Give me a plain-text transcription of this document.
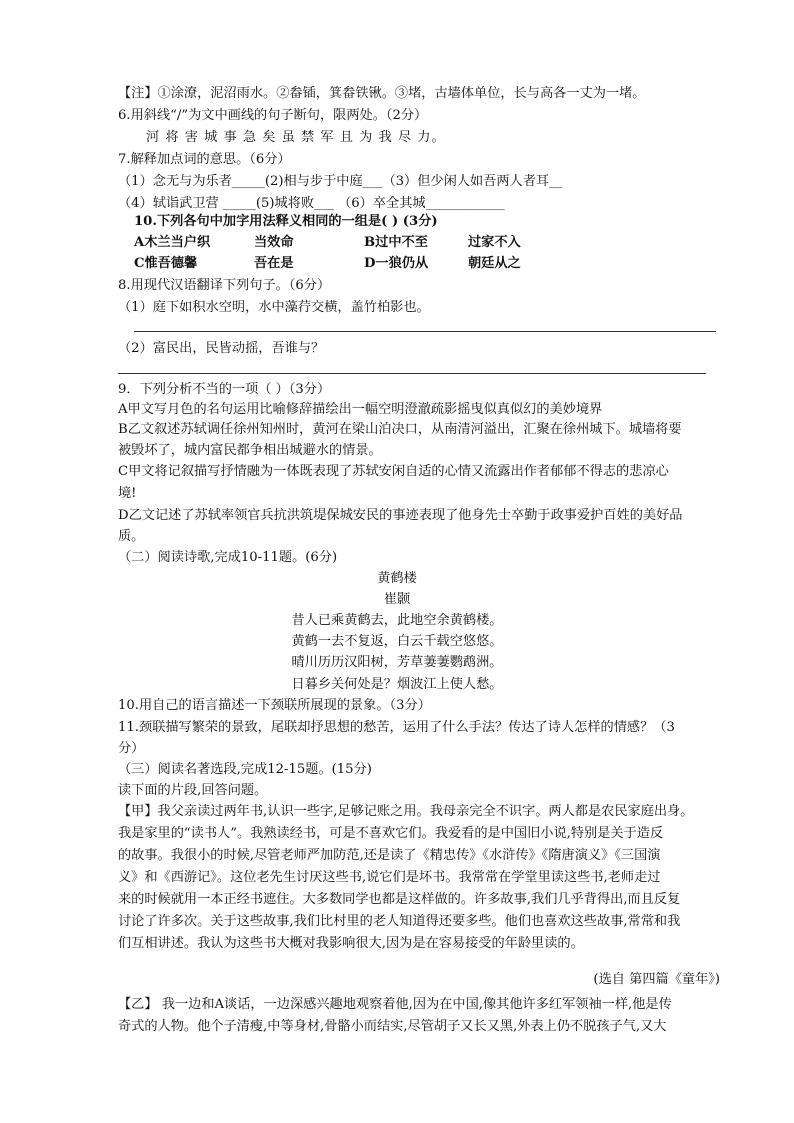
【注】①涂潦，泥沼雨水。②畚锸，箕畚铁锹。③堵，古墙体单位，长与高各一丈为一堵。
6.用斜线“/”为文中画线的句子断句，限两处。（2分）
河 将 害 城 事 急 矣 虽 禁 军 且 为 我 尽 力。
7.解释加点词的意思。（6分）
（1）念无与为乐者_____(2)相与步于中庭___（3）但少闲人如吾两人者耳__
（4）轼诣武卫营 _____(5)城将败___ （6）卒全其城____________
10.下列各句中加字用法释义相同的一组是( ) (3分)
A木兰当户织	当效命	B过中不至	过家不入
C惟吾德馨	吾在是	D一狼仍从	朝廷从之
8.用现代汉语翻译下列句子。（6分）
（1）庭下如积水空明，水中藻荇交横，盖竹柏影也。
（2）富民出，民皆动摇，吾谁与？
9．下列分析不当的一项（ ）（3分）
A甲文写月色的名句运用比喻修辞描绘出一幅空明澄澈疏影摇曳似真似幻的美妙境界
B乙文叙述苏轼调任徐州知州时，黄河在梁山泊决口，从南清河溢出，汇聚在徐州城下。城墙将要
被毁坏了，城内富民都争相出城避水的情景。
C甲文将记叙描写抒情融为一体既表现了苏轼安闲自适的心情又流露出作者郁郁不得志的悲凉心
境!
D乙文记述了苏轼率领官兵抗洪筑堤保城安民的事迹表现了他身先士卒勤于政事爱护百姓的美好品
质。
（二）阅读诗歌,完成10-11题。(6分)
黄鹤楼
崔颢
昔人已乘黄鹤去，此地空余黄鹤楼。
黄鹤一去不复返，白云千载空悠悠。
晴川历历汉阳树，芳草萋萋鹦鹉洲。
日暮乡关何处是？烟波江上使人愁。
10.用自己的语言描述一下颈联所展现的景象。（3分）
11.颈联描写繁荣的景致，尾联却抒思想的愁苦，运用了什么手法？传达了诗人怎样的情感？（3
分）
（三）阅读名著选段,完成12-15题。(15分)
读下面的片段,回答问题。
【甲】我父亲读过两年书,认识一些字,足够记账之用。我母亲完全不识字。两人都是农民家庭出身。
我是家里的“读书人”。我熟读经书，可是不喜欢它们。我爱看的是中国旧小说,特别是关于造反
的故事。我很小的时候,尽管老师严加防范,还是读了《精忠传》《水浒传》《隋唐演义》《三国演
义》和《西游记》。这位老先生讨厌这些书,说它们是坏书。我常常在学堂里读这些书,老师走过
来的时候就用一本正经书遮住。大多数同学也都是这样做的。许多故事,我们几乎背得出,而且反复
讨论了许多次。关于这些故事,我们比村里的老人知道得还要多些。他们也喜欢这些故事,常常和我
们互相讲述。我认为这些书大概对我影响很大,因为是在容易接受的年龄里读的。
(选自 第四篇《童年》)
【乙】 我一边和A谈话，一边深感兴趣地观察着他,因为在中国,像其他许多红军领袖一样,他是传
奇式的人物。他个子清瘦,中等身材,骨骼小而结实,尽管胡子又长又黑,外表上仍不脱孩子气,又大
